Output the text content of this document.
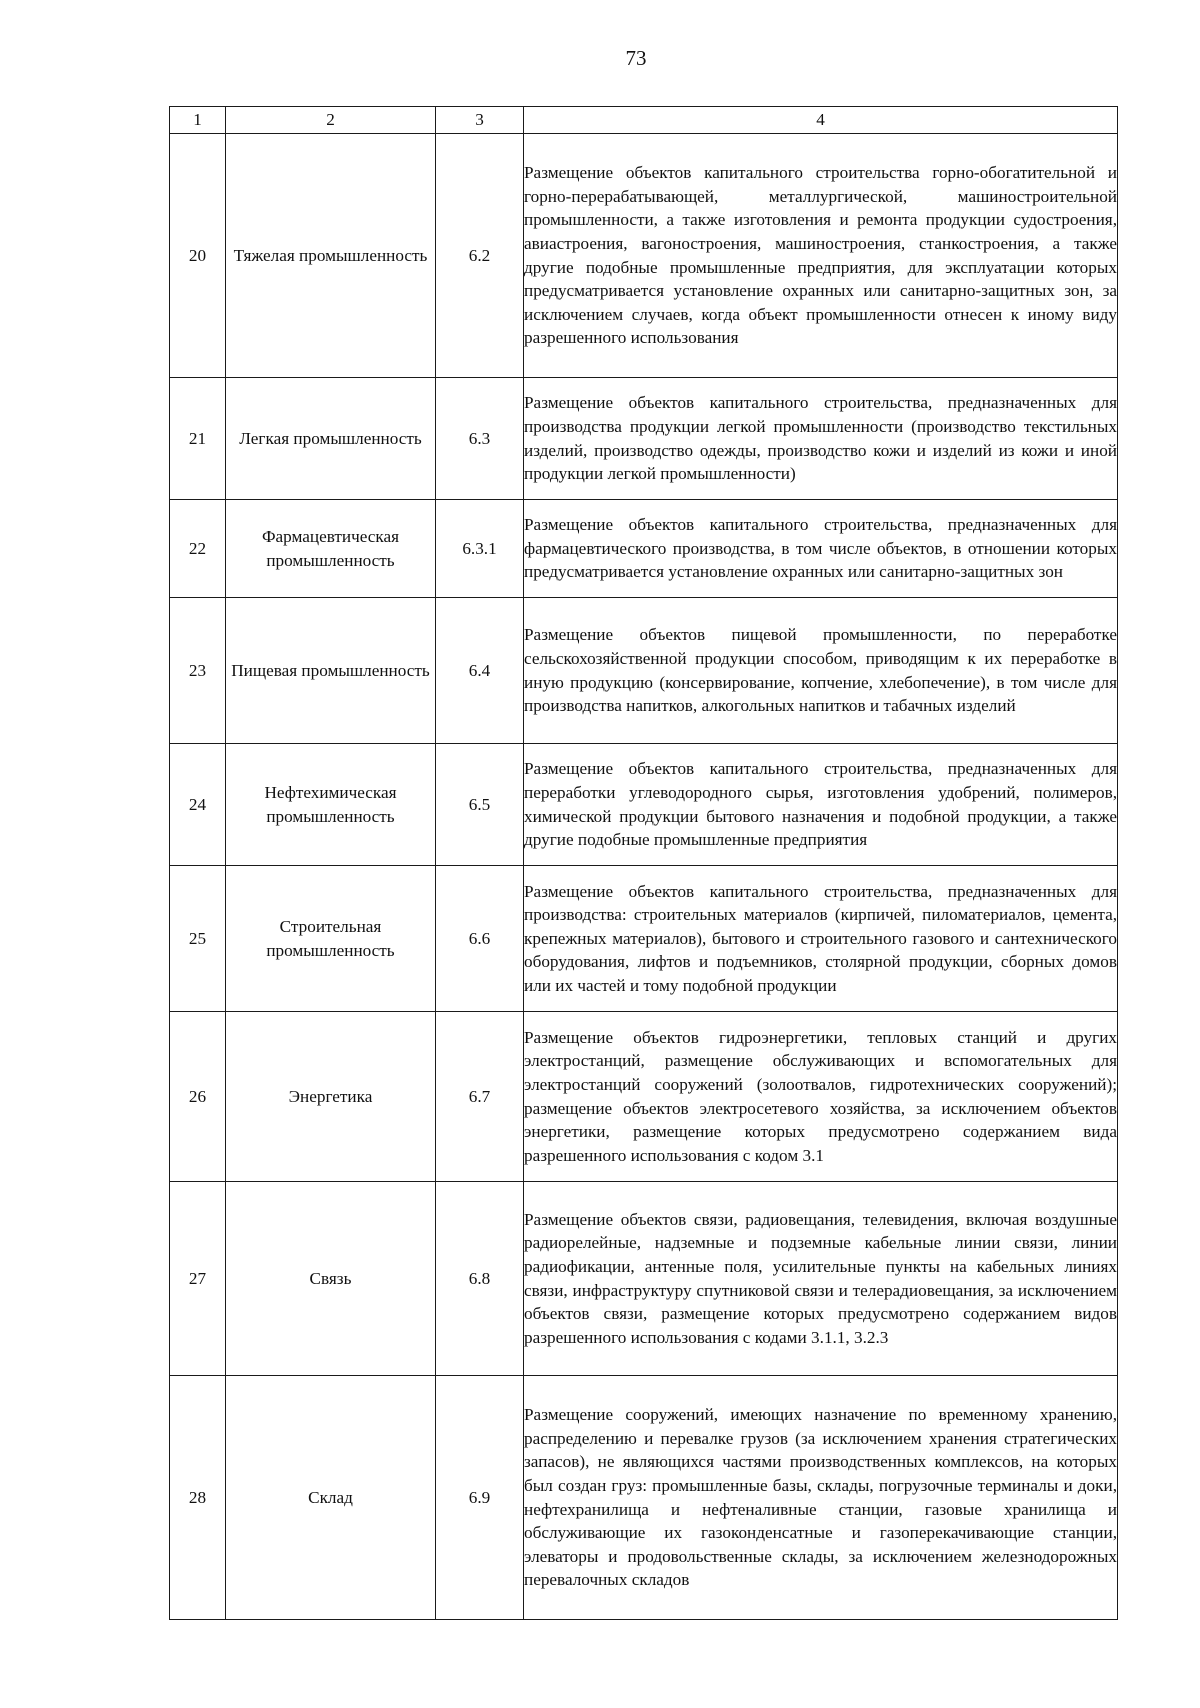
73
1	2	3	4
20	Тяжелая промышленность	6.2	Размещение объектов капитального строительства горно-обогатительной и горно-перерабатывающей, металлургической, машиностроительной промышленности, а также изготовления и ремонта продукции судостроения, авиастроения, вагоностроения, машиностроения, станкостроения, а также другие подобные промышленные предприятия, для эксплуатации которых предусматривается установление охранных или санитарно-защитных зон, за исключением случаев, когда объект промышленности отнесен к иному виду разрешенного использования
21	Легкая промышленность	6.3	Размещение объектов капитального строительства, предназначенных для производства продукции легкой промышленности (производство текстильных изделий, производство одежды, производство кожи и изделий из кожи и иной продукции легкой промышленности)
22	Фармацевтическая промышленность	6.3.1	Размещение объектов капитального строительства, предназначенных для фармацевтического производства, в том числе объектов, в отношении которых предусматривается установление охранных или санитарно-защитных зон
23	Пищевая промышленность	6.4	Размещение объектов пищевой промышленности, по переработке сельскохозяйственной продукции способом, приводящим к их переработке в иную продукцию (консервирование, копчение, хлебопечение), в том числе для производства напитков, алкогольных напитков и табачных изделий
24	Нефтехимическая промышленность	6.5	Размещение объектов капитального строительства, предназначенных для переработки углеводородного сырья, изготовления удобрений, полимеров, химической продукции бытового назначения и подобной продукции, а также другие подобные промышленные предприятия
25	Строительная промышленность	6.6	Размещение объектов капитального строительства, предназначенных для производства: строительных материалов (кирпичей, пиломатериалов, цемента, крепежных материалов), бытового и строительного газового и сантехнического оборудования, лифтов и подъемников, столярной продукции, сборных домов или их частей и тому подобной продукции
26	Энергетика	6.7	Размещение объектов гидроэнергетики, тепловых станций и других электростанций, размещение обслуживающих и вспомогательных для электростанций сооружений (золоотвалов, гидротехнических сооружений); размещение объектов электросетевого хозяйства, за исключением объектов энергетики, размещение которых предусмотрено содержанием вида разрешенного использования с кодом 3.1
27	Связь	6.8	Размещение объектов связи, радиовещания, телевидения, включая воздушные радиорелейные, надземные и подземные кабельные линии связи, линии радиофикации, антенные поля, усилительные пункты на кабельных линиях связи, инфраструктуру спутниковой связи и телерадиовещания, за исключением объектов связи, размещение которых предусмотрено содержанием видов разрешенного использования с кодами 3.1.1, 3.2.3
28	Склад	6.9	Размещение сооружений, имеющих назначение по временному хранению, распределению и перевалке грузов (за исключением хранения стратегических запасов), не являющихся частями производственных комплексов, на которых был создан груз: промышленные базы, склады, погрузочные терминалы и доки, нефтехранилища и нефтеналивные станции, газовые хранилища и обслуживающие их газоконденсатные и газоперекачивающие станции, элеваторы и продовольственные склады, за исключением железнодорожных перевалочных складов
